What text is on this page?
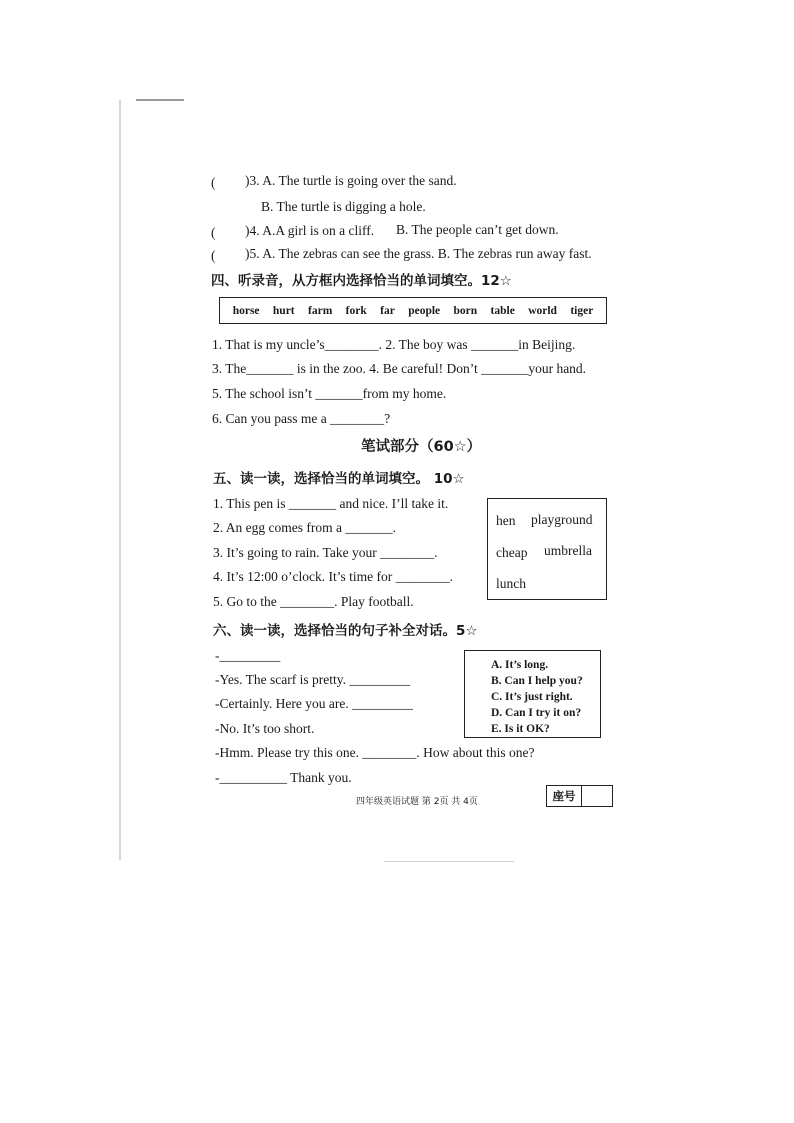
( )3. A. The turtle is going over the sand.
B. The turtle is digging a hole.
( )4. A.A girl is on a cliff. B. The people can’t get down.
( )5. A. The zebras can see the grass. B. The zebras run away fast.
四、听录音，从方框内选择恰当的单词填空。12☆
horse hurt farm fork far people born table world tiger
1. That is my uncle’s________. 2. The boy was _______in Beijing.
3. The_______ is in the zoo. 4. Be careful! Don’t _______your hand.
5. The school isn’t _______from my home.
6. Can you pass me a ________?
笔试部分（60☆）
五、读一读，选择恰当的单词填空。 10☆
1. This pen is _______ and nice. I’ll take it.
2. An egg comes from a _______.
3. It’s going to rain. Take your ________.
4. It’s 12:00 o’clock. It’s time for ________.
5. Go to the ________. Play football.
hen playground
cheap umbrella
lunch
六、读一读，选择恰当的句子补全对话。5☆
-_________
-Yes. The scarf is pretty. _________
-Certainly. Here you are. _________
-No. It’s too short.
-Hmm. Please try this one. ________. How about this one?
-__________ Thank you.
A. It’s long.
B. Can I help you?
C. It’s just right.
D. Can I try it on?
E. Is it OK?
四年级英语试题 第 2页 共 4页	座号
